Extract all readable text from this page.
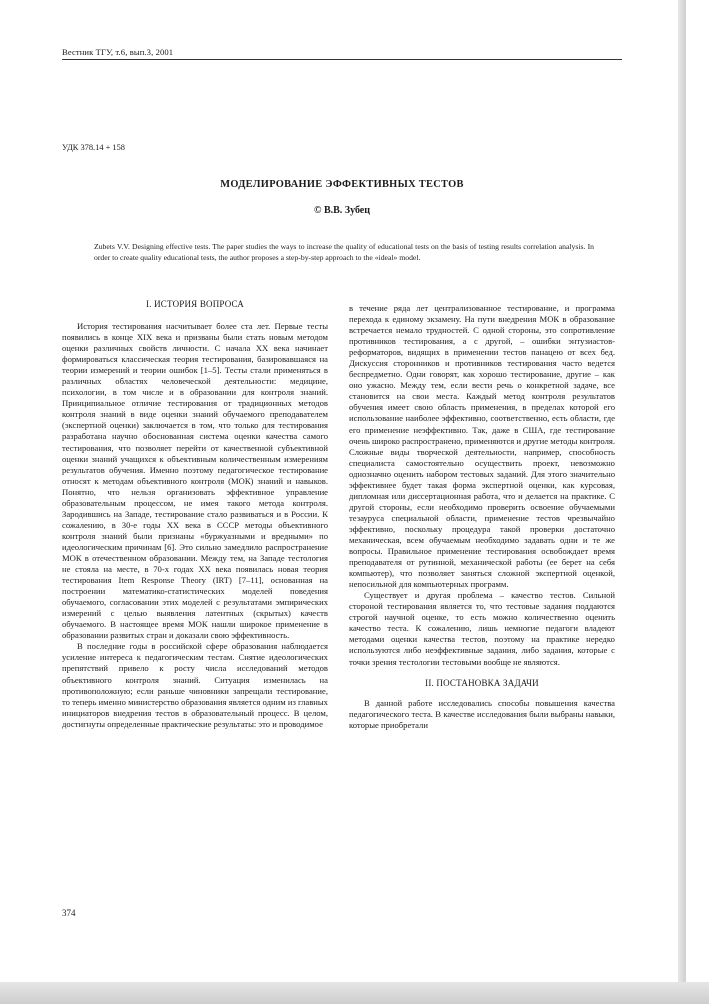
Вестник ТГУ, т.6, вып.3, 2001
УДК 378.14 + 158
МОДЕЛИРОВАНИЕ ЭФФЕКТИВНЫХ ТЕСТОВ
© В.В. Зубец
Zubets V.V. Designing effective tests. The paper studies the ways to increase the quality of educational tests on the basis of testing results correlation analysis. In order to create quality educational tests, the author proposes a step-by-step approach to the «ideal» model.

I. ИСТОРИЯ ВОПРОСА

История тестирования насчитывает более ста лет. Первые тесты появились в конце XIX века и призваны были стать новым методом оценки различных свойств личности. С начала XX века начинает формироваться классическая теория тестирования, базировавшаяся на теории измерений и теории ошибок [1–5]. Тесты стали применяться в различных областях человеческой деятельности: медицине, психологии, в том числе и в образовании для контроля знаний. Принципиальное отличие тестирования от традиционных методов контроля знаний в виде оценки знаний обучаемого преподавателем (экспертной оценки) заключается в том, что только для тестирования разработана научно обоснованная система оценки качества самого тестирования, что позволяет перейти от качественной субъективной оценки знаний учащихся к объективным количественным измерениям результатов обучения. Именно поэтому педагогическое тестирование относят к методам объективного контроля (МОК) знаний и навыков. Понятно, что нельзя организовать эффективное управление образовательным процессом, не имея такого метода контроля. Зародившись на Западе, тестирование стало развиваться и в России. К сожалению, в 30-е годы XX века в СССР методы объективного контроля знаний были признаны «буржуазными и вредными» по идеологическим причинам [6]. Это сильно замедлило распространение МОК в отечественном образовании. Между тем, на Западе тестология не стояла на месте, в 70-х годах XX века появилась новая теория тестирования Item Response Theory (IRT) [7–11], основанная на построении математико-статистических моделей поведения обучаемого, согласовании этих моделей с результатами эмпирических измерений с целью выявления латентных (скрытых) качеств обучаемого. В настоящее время МОК нашли широкое применение в образовании развитых стран и доказали свою эффективность.

В последние годы в российской сфере образования наблюдается усиление интереса к педагогическим тестам. Снятие идеологических препятствий привело к росту числа исследований методов объективного контроля знаний. Ситуация изменилась на противоположную; если раньше чиновники запрещали тестирование, то теперь именно министерство образования является одним из главных инициаторов внедрения тестов в образовательный процесс. В целом, достигнуты определенные практические результаты: это и проводимое

в течение ряда лет централизованное тестирование, и программа перехода к единому экзамену. На пути внедрения МОК в образование встречается немало трудностей. С одной стороны, это сопротивление противников тестирования, а с другой, – ошибки энтузиастов-реформаторов, видящих в применении тестов панацею от всех бед. Дискуссия сторонников и противников тестирования часто ведется беспредметно. Одни говорят, как хорошо тестирование, другие – как оно ужасно. Между тем, если вести речь о конкретной задаче, все становится на свои места. Каждый метод контроля результатов обучения имеет свою область применения, в пределах которой его использование наиболее эффективно, соответственно, есть области, где его применение неэффективно. Так, даже в США, где тестирование очень широко распространено, применяются и другие методы контроля. Сложные виды творческой деятельности, например, способность специалиста самостоятельно осуществить проект, невозможно однозначно оценить набором тестовых заданий. Для этого значительно эффективнее будет такая форма экспертной оценки, как курсовая, дипломная или диссертационная работа, что и делается на практике. С другой стороны, если необходимо проверить освоение обучаемыми тезауруса специальной области, применение тестов чрезвычайно эффективно, поскольку процедура такой проверки достаточно механическая, всем обучаемым необходимо задавать одни и те же вопросы. Правильное применение тестирования освобождает время преподавателя от рутинной, механической работы (ее берет на себя компьютер), что позволяет заняться сложной экспертной оценкой, непосильной для компьютерных программ.

Существует и другая проблема – качество тестов. Сильной стороной тестирования является то, что тестовые задания поддаются строгой научной оценке, то есть можно количественно оценить качество теста. К сожалению, лишь немногие педагоги владеют методами оценки качества тестов, поэтому на практике нередко используются либо неэффективные задания, либо задания, которые с точки зрения тестологии тестовыми вообще не являются.

II. ПОСТАНОВКА ЗАДАЧИ

В данной работе исследовались способы повышения качества педагогического теста. В качестве исследования были выбраны навыки, которые приобретали

374
